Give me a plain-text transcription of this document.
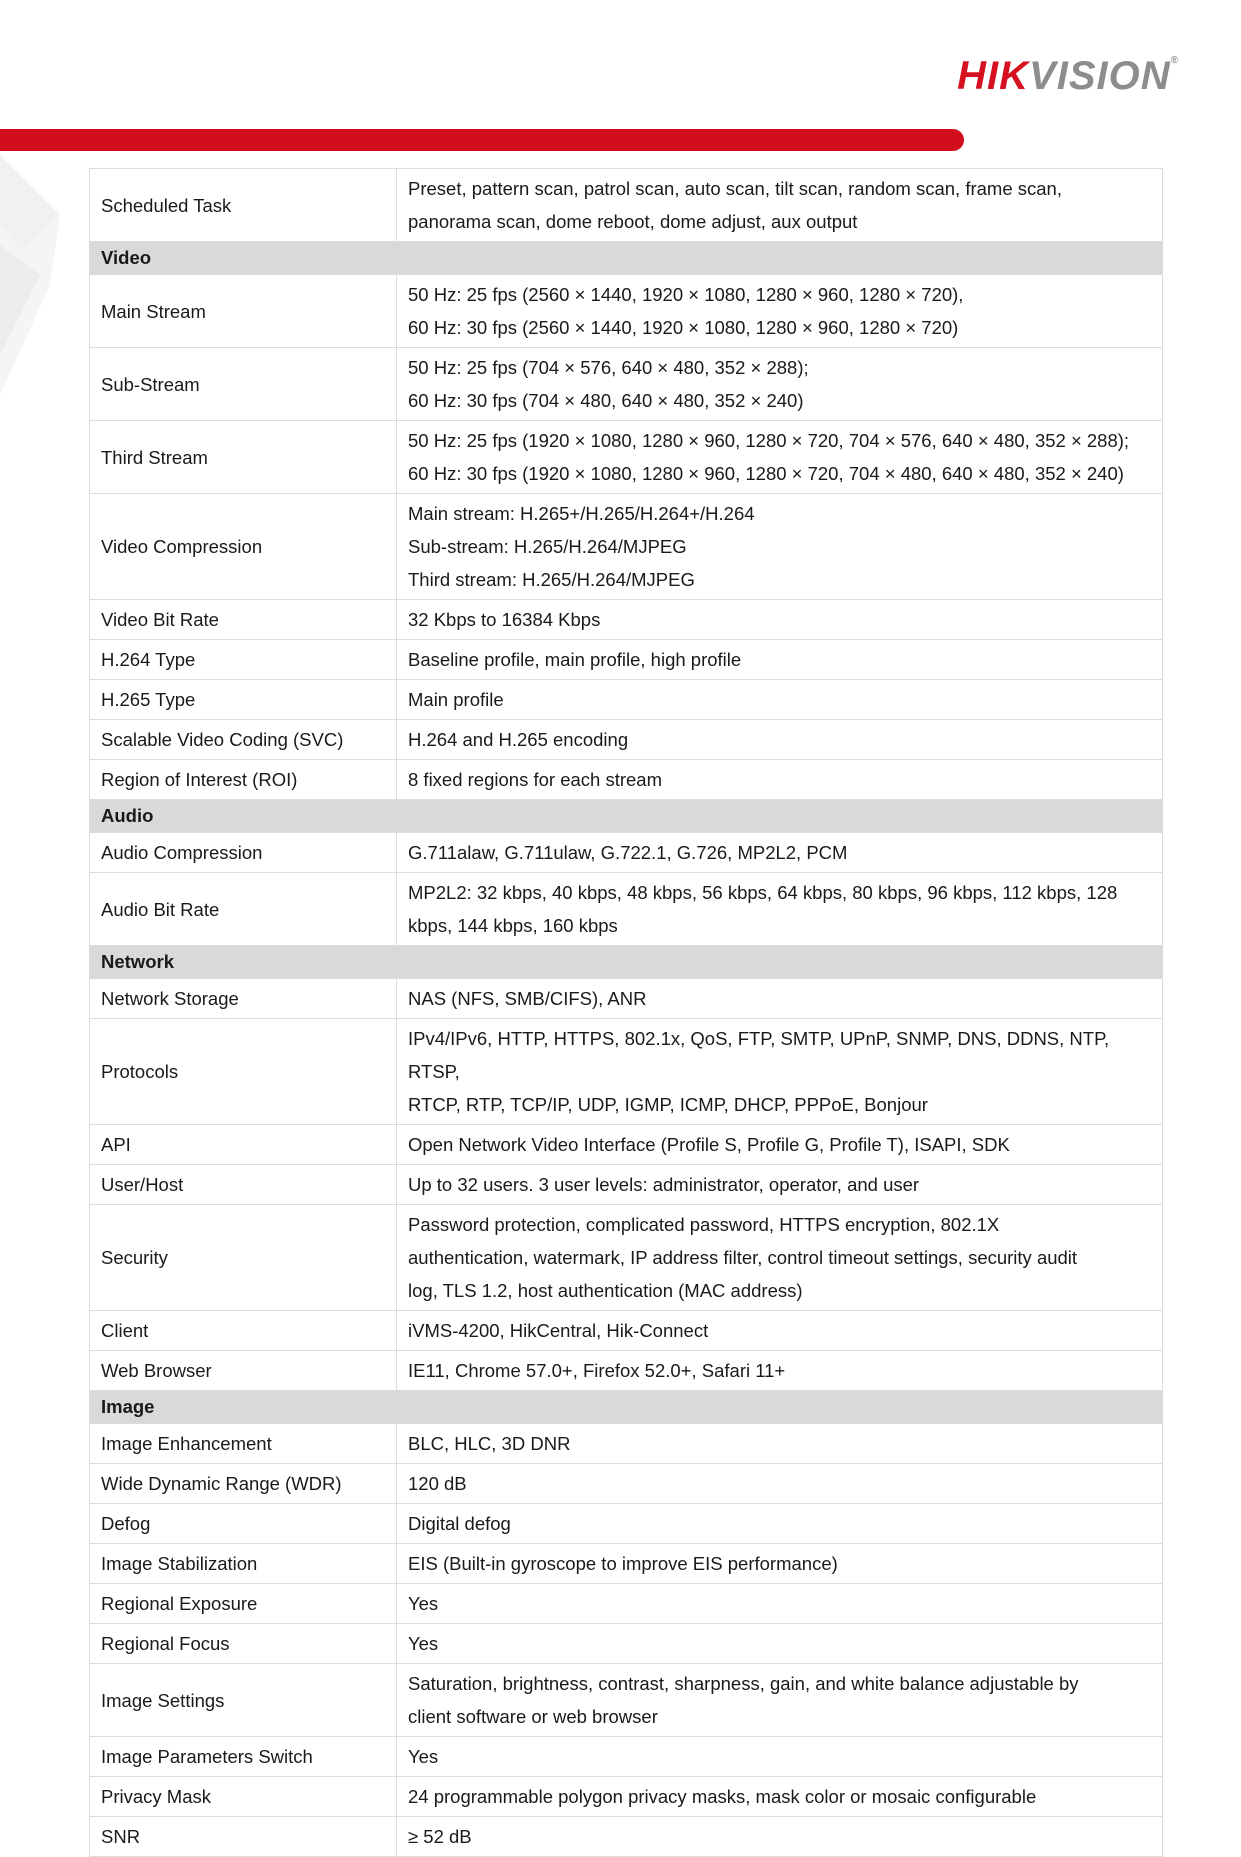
HIKVISION®
Scheduled Task	Preset, pattern scan, patrol scan, auto scan, tilt scan, random scan, frame scan,
panorama scan, dome reboot, dome adjust, aux output

Video	
Main Stream	50 Hz: 25 fps (2560 × 1440, 1920 × 1080, 1280 × 960, 1280 × 720),
60 Hz: 30 fps (2560 × 1440, 1920 × 1080, 1280 × 960, 1280 × 720)

Sub-Stream	50 Hz: 25 fps (704 × 576, 640 × 480, 352 × 288);
60 Hz: 30 fps (704 × 480, 640 × 480, 352 × 240)

Third Stream	50 Hz: 25 fps (1920 × 1080, 1280 × 960, 1280 × 720, 704 × 576, 640 × 480, 352 × 288);
60 Hz: 30 fps (1920 × 1080, 1280 × 960, 1280 × 720, 704 × 480, 640 × 480, 352 × 240)

Video Compression	Main stream: H.265+/H.265/H.264+/H.264
Sub-stream: H.265/H.264/MJPEG
Third stream: H.265/H.264/MJPEG

Video Bit Rate	32 Kbps to 16384 Kbps

H.264 Type	Baseline profile, main profile, high profile

H.265 Type	Main profile

Scalable Video Coding (SVC)	H.264 and H.265 encoding

Region of Interest (ROI)	8 fixed regions for each stream

Audio	
Audio Compression	G.711alaw, G.711ulaw, G.722.1, G.726, MP2L2, PCM

Audio Bit Rate	MP2L2: 32 kbps, 40 kbps, 48 kbps, 56 kbps, 64 kbps, 80 kbps, 96 kbps, 112 kbps, 128
kbps, 144 kbps, 160 kbps

Network	
Network Storage	NAS (NFS, SMB/CIFS), ANR

Protocols	IPv4/IPv6, HTTP, HTTPS, 802.1x, QoS, FTP, SMTP, UPnP, SNMP, DNS, DDNS, NTP, RTSP,
RTCP, RTP, TCP/IP, UDP, IGMP, ICMP, DHCP, PPPoE, Bonjour

API	Open Network Video Interface (Profile S, Profile G, Profile T), ISAPI, SDK

User/Host	Up to 32 users. 3 user levels: administrator, operator, and user

Security	Password protection, complicated password, HTTPS encryption, 802.1X
authentication, watermark, IP address filter, control timeout settings, security audit
log, TLS 1.2, host authentication (MAC address)

Client	iVMS-4200, HikCentral, Hik-Connect

Web Browser	IE11, Chrome 57.0+, Firefox 52.0+, Safari 11+

Image	
Image Enhancement	BLC, HLC, 3D DNR

Wide Dynamic Range (WDR)	120 dB

Defog	Digital defog

Image Stabilization	EIS (Built-in gyroscope to improve EIS performance)

Regional Exposure	Yes

Regional Focus	Yes

Image Settings	Saturation, brightness, contrast, sharpness, gain, and white balance adjustable by
client software or web browser

Image Parameters Switch	Yes

Privacy Mask	24 programmable polygon privacy masks, mask color or mosaic configurable

SNR	≥ 52 dB
